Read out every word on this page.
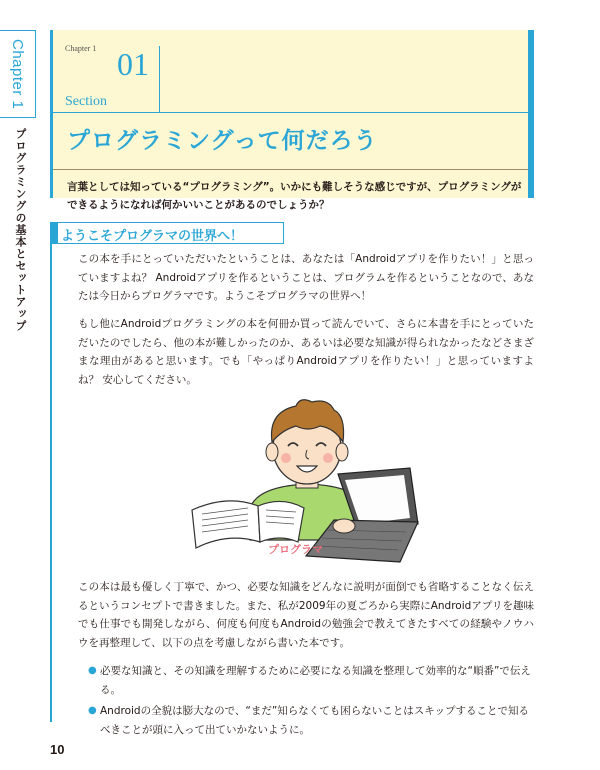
Chapter 1
プログラミングの基本とセットアップ
Chapter 1
Section
01
プログラミングって何だろう

言葉としては知っている“プログラミング”。いかにも難しそうな感じですが、プログラミングができるようになれば何かいいことがあるのでしょうか？

ようこそプログラマの世界へ！

この本を手にとっていただいたということは、あなたは「Androidアプリを作りたい！」と思っていますよね？ Androidアプリを作るということは、プログラムを作るということなので、あなたは今日からプログラマです。ようこそプログラマの世界へ！

もし他にAndroidプログラミングの本を何冊か買って読んでいて、さらに本書を手にとっていただいたのでしたら、他の本が難しかったのか、あるいは必要な知識が得られなかったなどさまざまな理由があると思います。でも「やっぱりAndroidアプリを作りたい！」と思っていますよね？ 安心してください。

プログラマ

この本は最も優しく丁寧で、かつ、必要な知識をどんなに説明が面倒でも省略することなく伝えるというコンセプトで書きました。また、私が2009年の夏ごろから実際にAndroidアプリを趣味でも仕事でも開発しながら、何度も何度もAndroidの勉強会で教えてきたすべての経験やノウハウを再整理して、以下の点を考慮しながら書いた本です。

● 必要な知識と、その知識を理解するために必要になる知識を整理して効率的な“順番”で伝える。
● Androidの全貌は膨大なので、“まだ”知らなくても困らないことはスキップすることで知るべきことが頭に入って出ていかないように。
10
